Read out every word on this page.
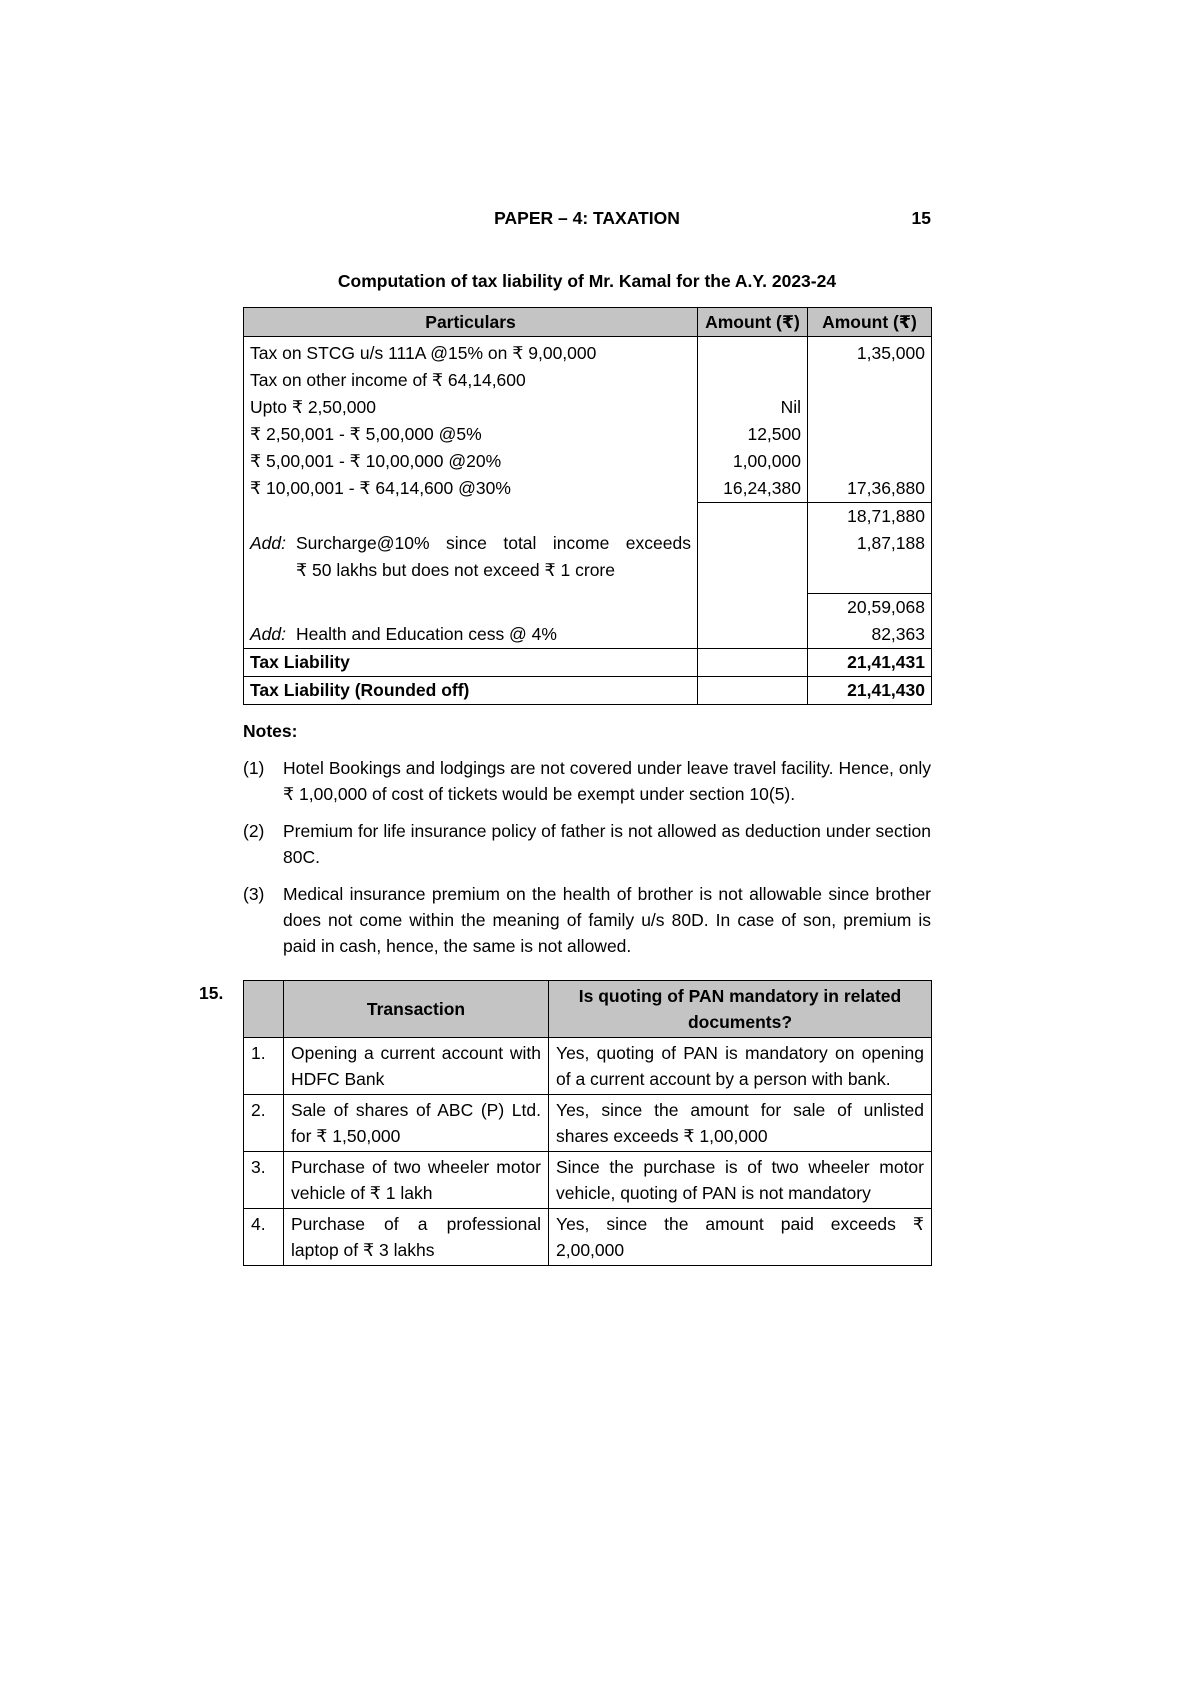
PAPER – 4: TAXATION	15
Computation of tax liability of Mr. Kamal for the A.Y. 2023-24
Particulars	Amount (₹)	Amount (₹)
Tax on STCG u/s 111A @15% on ₹ 9,00,000		1,35,000
Tax on other income of ₹ 64,14,600		
Upto ₹ 2,50,000	Nil	
₹ 2,50,001 - ₹ 5,00,000 @5%	12,500	
₹ 5,00,001 - ₹ 10,00,000 @20%	1,00,000	
₹ 10,00,001 - ₹ 64,14,600 @30%	16,24,380	17,36,880
		18,71,880

Add: Surcharge@10% since total income exceeds
₹ 50 lakhs but does not exceed ₹ 1 crore		1,87,188
		20,59,068

Add: Health and Education cess @ 4%		82,363
Tax Liability		21,41,431
Tax Liability (Rounded off)		21,41,430
Notes:
(1)	Hotel Bookings and lodgings are not covered under leave travel facility. Hence, only ₹ 1,00,000 of cost of tickets would be exempt under section 10(5).
(2)	Premium for life insurance policy of father is not allowed as deduction under section 80C.
(3)	Medical insurance premium on the health of brother is not allowable since brother does not come within the meaning of family u/s 80D. In case of son, premium is paid in cash, hence, the same is not allowed.
15.
	Transaction	Is quoting of PAN mandatory in related documents?
1.	Opening a current account with HDFC Bank	Yes, quoting of PAN is mandatory on opening of a current account by a person with bank.
2.	Sale of shares of ABC (P) Ltd. for ₹ 1,50,000	Yes, since the amount for sale of unlisted shares exceeds ₹ 1,00,000
3.	Purchase of two wheeler motor vehicle of ₹ 1 lakh	Since the purchase is of two wheeler motor vehicle, quoting of PAN is not mandatory
4.	Purchase of a professional laptop of ₹ 3 lakhs	Yes, since the amount paid exceeds ₹ 2,00,000
